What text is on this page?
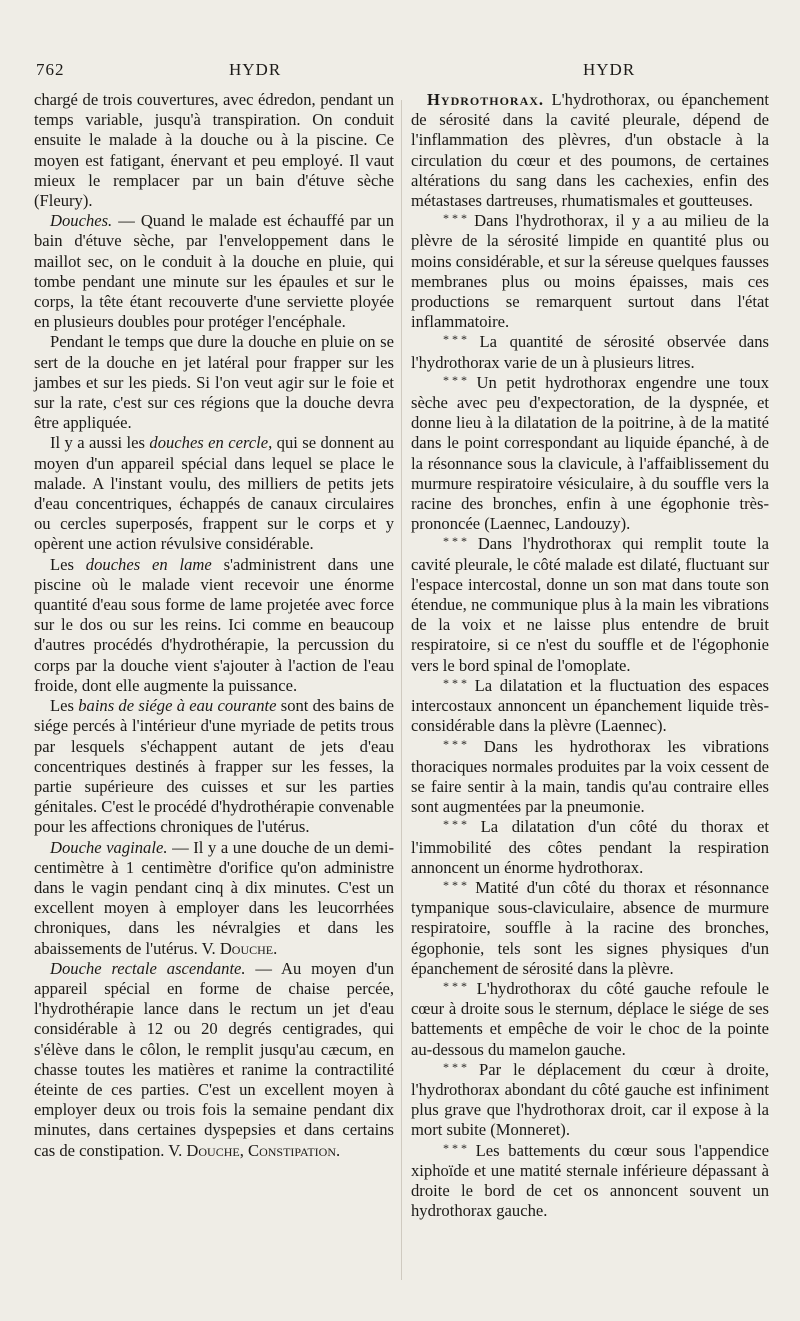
762	HYDR	HYDR

chargé de trois couvertures, avec édredon, pendant un temps variable, jusqu'à transpiration. On conduit ensuite le malade à la douche ou à la piscine. Ce moyen est fatigant, énervant et peu employé. Il vaut mieux le remplacer par un bain d'étuve sèche (Fleury).

Douches. — Quand le malade est échauffé par un bain d'étuve sèche, par l'enveloppement dans le maillot sec, on le conduit à la douche en pluie, qui tombe pendant une minute sur les épaules et sur le corps, la tête étant recouverte d'une serviette ployée en plusieurs doubles pour protéger l'encéphale.

Pendant le temps que dure la douche en pluie on se sert de la douche en jet latéral pour frapper sur les jambes et sur les pieds. Si l'on veut agir sur le foie et sur la rate, c'est sur ces régions que la douche devra être appliquée.

Il y a aussi les douches en cercle, qui se donnent au moyen d'un appareil spécial dans lequel se place le malade. A l'instant voulu, des milliers de petits jets d'eau concentriques, échappés de canaux circulaires ou cercles superposés, frappent sur le corps et y opèrent une action révulsive considérable.

Les douches en lame s'administrent dans une piscine où le malade vient recevoir une énorme quantité d'eau sous forme de lame projetée avec force sur le dos ou sur les reins. Ici comme en beaucoup d'autres procédés d'hydrothérapie, la percussion du corps par la douche vient s'ajouter à l'action de l'eau froide, dont elle augmente la puissance.

Les bains de siége à eau courante sont des bains de siége percés à l'intérieur d'une myriade de petits trous par lesquels s'échappent autant de jets d'eau concentriques destinés à frapper sur les fesses, la partie supérieure des cuisses et sur les parties génitales. C'est le procédé d'hydrothérapie convenable pour les affections chroniques de l'utérus.

Douche vaginale. — Il y a une douche de un demi-centimètre à 1 centimètre d'orifice qu'on administre dans le vagin pendant cinq à dix minutes. C'est un excellent moyen à employer dans les leucorrhées chroniques, dans les névralgies et dans les abaissements de l'utérus. V. Douche.

Douche rectale ascendante. — Au moyen d'un appareil spécial en forme de chaise percée, l'hydrothérapie lance dans le rectum un jet d'eau considérable à 12 ou 20 degrés centigrades, qui s'élève dans le côlon, le remplit jusqu'au cæcum, en chasse toutes les matières et ranime la contractilité éteinte de ces parties. C'est un excellent moyen à employer deux ou trois fois la semaine pendant dix minutes, dans certaines dyspepsies et dans certains cas de constipation. V. Douche, Constipation.

Hydrothorax. L'hydrothorax, ou épanchement de sérosité dans la cavité pleurale, dépend de l'inflammation des plèvres, d'un obstacle à la circulation du cœur et des poumons, de certaines altérations du sang dans les cachexies, enfin des métastases dartreuses, rhumatismales et goutteuses.

* * * Dans l'hydrothorax, il y a au milieu de la plèvre de la sérosité limpide en quantité plus ou moins considérable, et sur la séreuse quelques fausses membranes plus ou moins épaisses, mais ces productions se remarquent surtout dans l'état inflammatoire.

* * * La quantité de sérosité observée dans l'hydrothorax varie de un à plusieurs litres.

* * * Un petit hydrothorax engendre une toux sèche avec peu d'expectoration, de la dyspnée, et donne lieu à la dilatation de la poitrine, à de la matité dans le point correspondant au liquide épanché, à de la résonnance sous la clavicule, à l'affaiblissement du murmure respiratoire vésiculaire, à du souffle vers la racine des bronches, enfin à une égophonie très-prononcée (Laennec, Landouzy).

* * * Dans l'hydrothorax qui remplit toute la cavité pleurale, le côté malade est dilaté, fluctuant sur l'espace intercostal, donne un son mat dans toute son étendue, ne communique plus à la main les vibrations de la voix et ne laisse plus entendre de bruit respiratoire, si ce n'est du souffle et de l'égophonie vers le bord spinal de l'omoplate.

* * * La dilatation et la fluctuation des espaces intercostaux annoncent un épanchement liquide très-considérable dans la plèvre (Laennec).

* * * Dans les hydrothorax les vibrations thoraciques normales produites par la voix cessent de se faire sentir à la main, tandis qu'au contraire elles sont augmentées par la pneumonie.

* * * La dilatation d'un côté du thorax et l'immobilité des côtes pendant la respiration annoncent un énorme hydrothorax.

* * * Matité d'un côté du thorax et résonnance tympanique sous-claviculaire, absence de murmure respiratoire, souffle à la racine des bronches, égophonie, tels sont les signes physiques d'un épanchement de sérosité dans la plèvre.

* * * L'hydrothorax du côté gauche refoule le cœur à droite sous le sternum, déplace le siége de ses battements et empêche de voir le choc de la pointe au-dessous du mamelon gauche.

* * * Par le déplacement du cœur à droite, l'hydrothorax abondant du côté gauche est infiniment plus grave que l'hydrothorax droit, car il expose à la mort subite (Monneret).

* * * Les battements du cœur sous l'appendice xiphoïde et une matité sternale inférieure dépassant à droite le bord de cet os annoncent souvent un hydrothorax gauche.
